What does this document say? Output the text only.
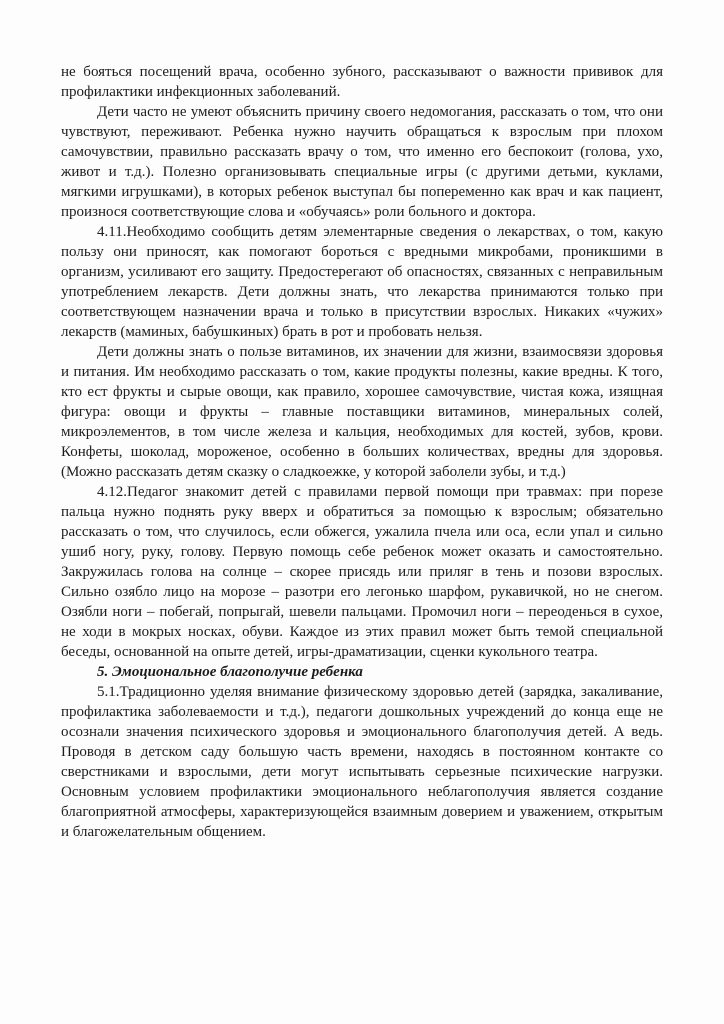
не бояться посещений врача, особенно зубного, рассказывают о важности прививок для профилактики инфекционных заболеваний.

Дети часто не умеют объяснить причину своего недомогания, рассказать о том, что они чувствуют, переживают. Ребенка нужно научить обращаться к взрослым при плохом самочувствии, правильно рассказать врачу о том, что именно его беспокоит (голова, ухо, живот и т.д.). Полезно организовывать специальные игры (с другими детьми, куклами, мягкими игрушками), в которых ребенок выступал бы попеременно как врач и как пациент, произнося соответствующие слова и «обучаясь» роли больного и доктора.

4.11.Необходимо сообщить детям элементарные сведения о лекарствах, о том, какую пользу они приносят, как помогают бороться с вредными микробами, проникшими в организм, усиливают его защиту. Предостерегают об опасностях, связанных с неправильным употреблением лекарств. Дети должны знать, что лекарства принимаются только при соответствующем назначении врача и только в присутствии взрослых. Никаких «чужих» лекарств (маминых, бабушкиных) брать в рот и пробовать нельзя.

Дети должны знать о пользе витаминов, их значении для жизни, взаимосвязи здоровья и питания. Им необходимо рассказать о том, какие продукты полезны, какие вредны. К того, кто ест фрукты и сырые овощи, как правило, хорошее самочувствие, чистая кожа, изящная фигура: овощи и фрукты – главные поставщики витаминов, минеральных солей, микроэлементов, в том числе железа и кальция, необходимых для костей, зубов, крови. Конфеты, шоколад, мороженое, особенно в больших количествах, вредны для здоровья. (Можно рассказать детям сказку о сладкоежке, у которой заболели зубы, и т.д.)

4.12.Педагог знакомит детей с правилами первой помощи при травмах: при порезе пальца нужно поднять руку вверх и обратиться за помощью к взрослым; обязательно рассказать о том, что случилось, если обжегся, ужалила пчела или оса, если упал и сильно ушиб ногу, руку, голову. Первую помощь себе ребенок может оказать и самостоятельно. Закружилась голова на солнце – скорее присядь или приляг в тень и позови взрослых. Сильно озябло лицо на морозе – разотри его легонько шарфом, рукавичкой, но не снегом. Озябли ноги – побегай, попрыгай, шевели пальцами. Промочил ноги – переоденься в сухое, не ходи в мокрых носках, обуви. Каждое из этих правил может быть темой специальной беседы, основанной на опыте детей, игры-драматизации, сценки кукольного театра.

5. Эмоциональное благополучие ребенка

5.1.Традиционно уделяя внимание физическому здоровью детей (зарядка, закаливание, профилактика заболеваемости и т.д.), педагоги дошкольных учреждений до конца еще не осознали значения психического здоровья и эмоционального благополучия детей. А ведь. Проводя в детском саду большую часть времени, находясь в постоянном контакте со сверстниками и взрослыми, дети могут испытывать серьезные психические нагрузки. Основным условием профилактики эмоционального неблагополучия является создание благоприятной атмосферы, характеризующейся взаимным доверием и уважением, открытым и благожелательным общением.
